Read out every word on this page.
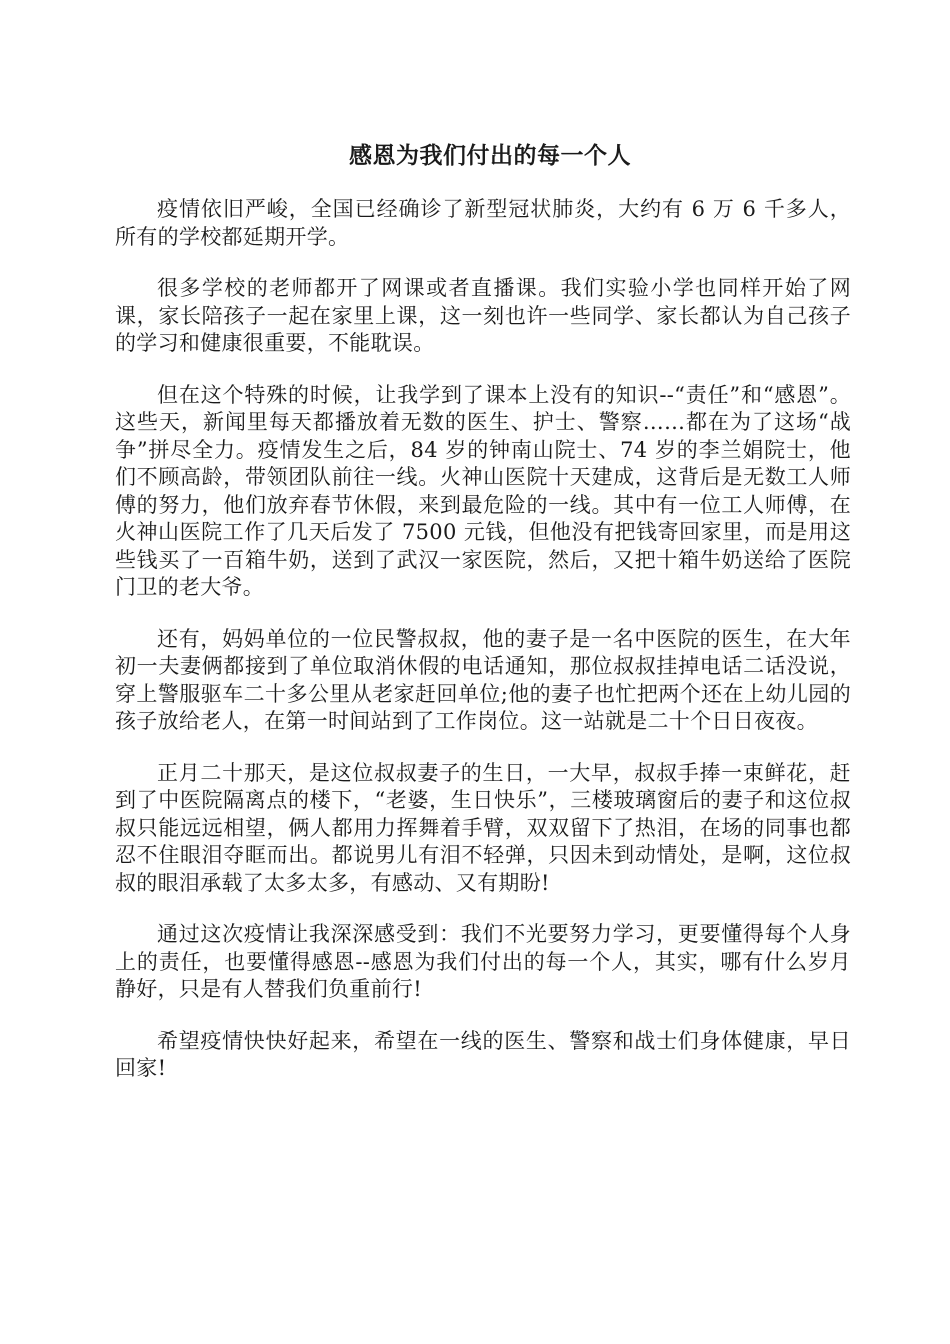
感恩为我们付出的每一个人

疫情依旧严峻，全国已经确诊了新型冠状肺炎，大约有 6 万 6 千多人，所有的学校都延期开学。

很多学校的老师都开了网课或者直播课。我们实验小学也同样开始了网课，家长陪孩子一起在家里上课，这一刻也许一些同学、家长都认为自己孩子的学习和健康很重要，不能耽误。

但在这个特殊的时候，让我学到了课本上没有的知识--“责任”和“感恩”。这些天，新闻里每天都播放着无数的医生、护士、警察……都在为了这场“战争”拼尽全力。疫情发生之后，84 岁的钟南山院士、74 岁的李兰娟院士，他们不顾高龄，带领团队前往一线。火神山医院十天建成，这背后是无数工人师傅的努力，他们放弃春节休假，来到最危险的一线。其中有一位工人师傅，在火神山医院工作了几天后发了 7500 元钱，但他没有把钱寄回家里，而是用这些钱买了一百箱牛奶，送到了武汉一家医院，然后，又把十箱牛奶送给了医院门卫的老大爷。

还有，妈妈单位的一位民警叔叔，他的妻子是一名中医院的医生，在大年初一夫妻俩都接到了单位取消休假的电话通知，那位叔叔挂掉电话二话没说，穿上警服驱车二十多公里从老家赶回单位;他的妻子也忙把两个还在上幼儿园的孩子放给老人，在第一时间站到了工作岗位。这一站就是二十个日日夜夜。

正月二十那天，是这位叔叔妻子的生日，一大早，叔叔手捧一束鲜花，赶到了中医院隔离点的楼下，“老婆，生日快乐”，三楼玻璃窗后的妻子和这位叔叔只能远远相望，俩人都用力挥舞着手臂，双双留下了热泪，在场的同事也都忍不住眼泪夺眶而出。都说男儿有泪不轻弹，只因未到动情处，是啊，这位叔叔的眼泪承载了太多太多，有感动、又有期盼!

通过这次疫情让我深深感受到：我们不光要努力学习，更要懂得每个人身上的责任，也要懂得感恩--感恩为我们付出的每一个人，其实，哪有什么岁月静好，只是有人替我们负重前行!

希望疫情快快好起来，希望在一线的医生、警察和战士们身体健康，早日回家!
